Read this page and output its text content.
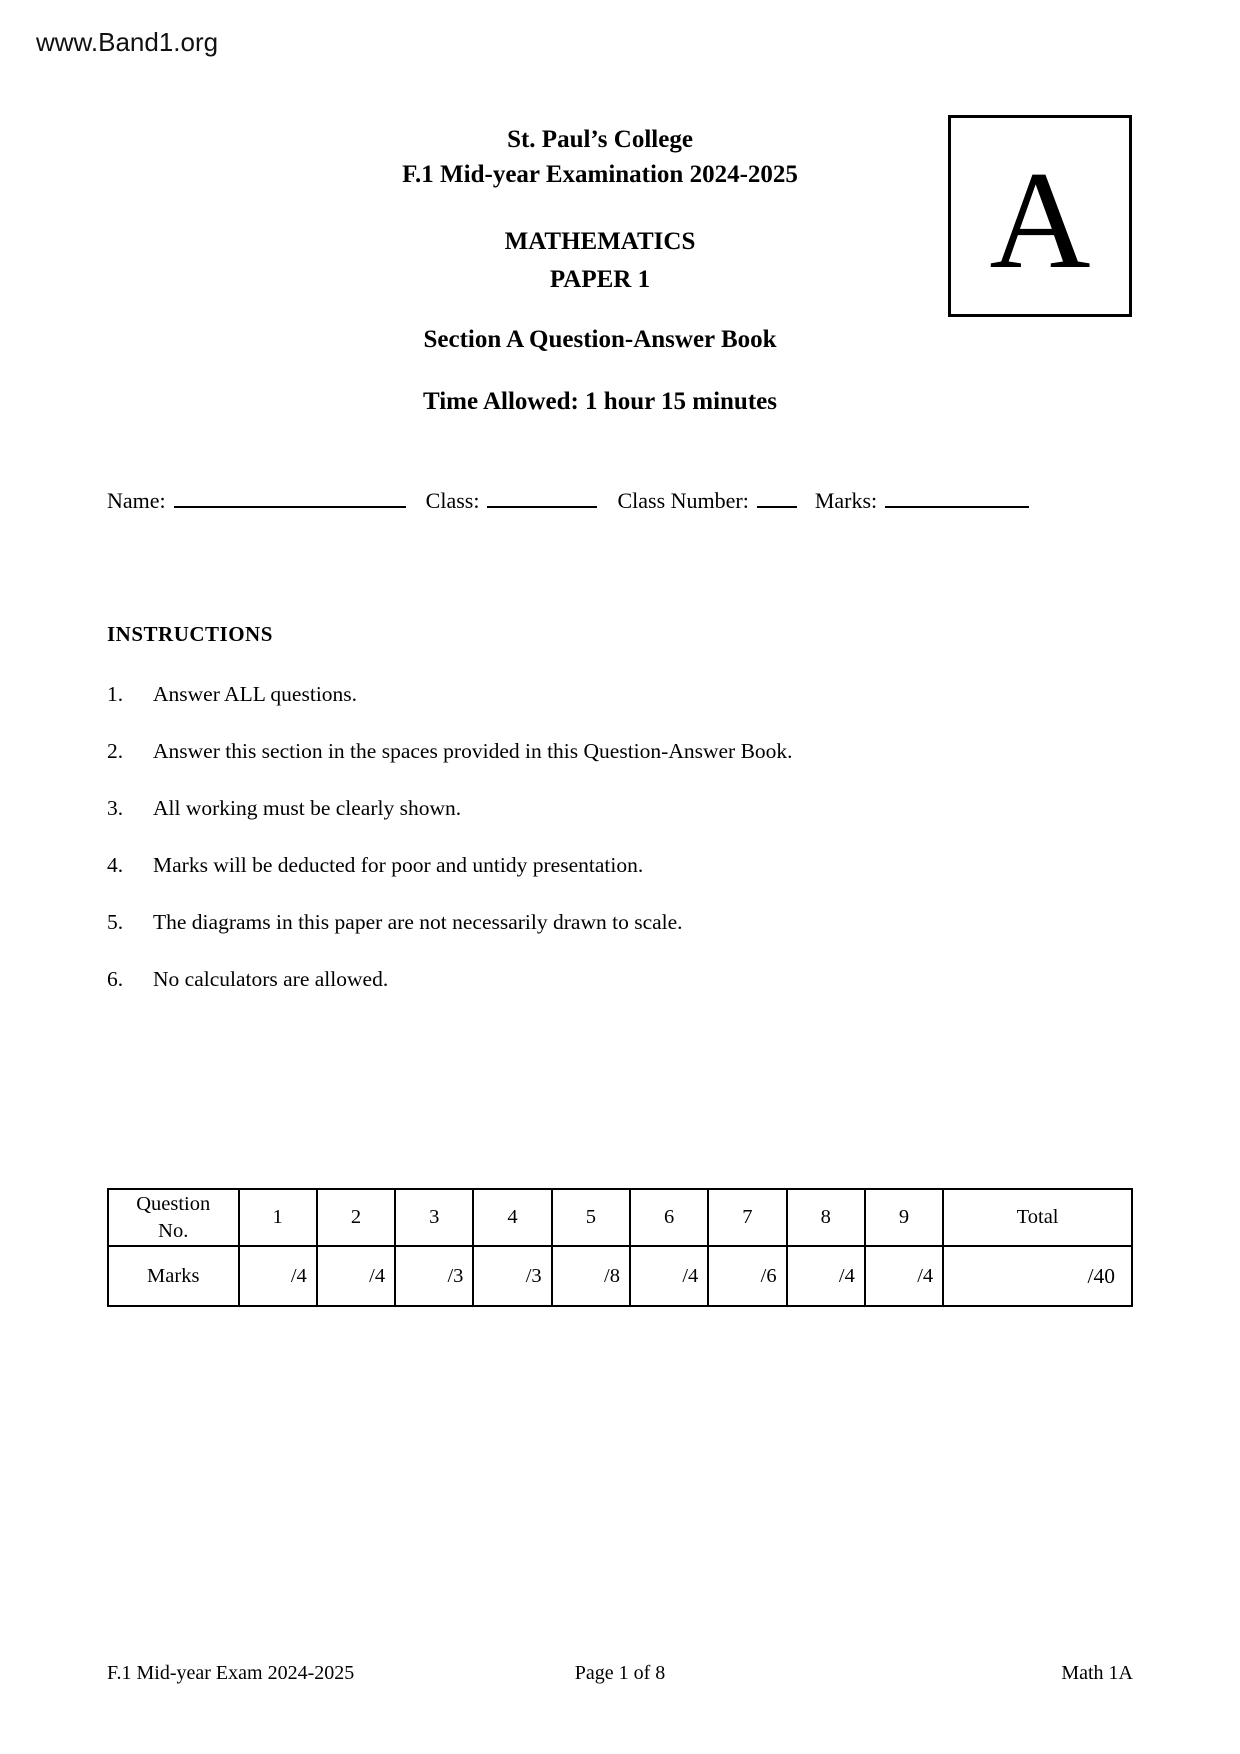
www.Band1.org
St. Paul’s College
F.1 Mid-year Examination 2024-2025
MATHEMATICS
PAPER 1
Section A Question-Answer Book
Time Allowed: 1 hour 15 minutes
A
Name:	Class:	Class Number:	Marks:
INSTRUCTIONS
1.	Answer ALL questions.
2.	Answer this section in the spaces provided in this Question-Answer Book.
3.	All working must be clearly shown.
4.	Marks will be deducted for poor and untidy presentation.
5.	The diagrams in this paper are not necessarily drawn to scale.
6.	No calculators are allowed.
Question No.	1	2	3	4	5	6	7	8	9	Total
Marks	/4	/4	/3	/3	/8	/4	/6	/4	/4	/40
F.1 Mid-year Exam 2024-2025	Page 1 of 8	Math 1A
